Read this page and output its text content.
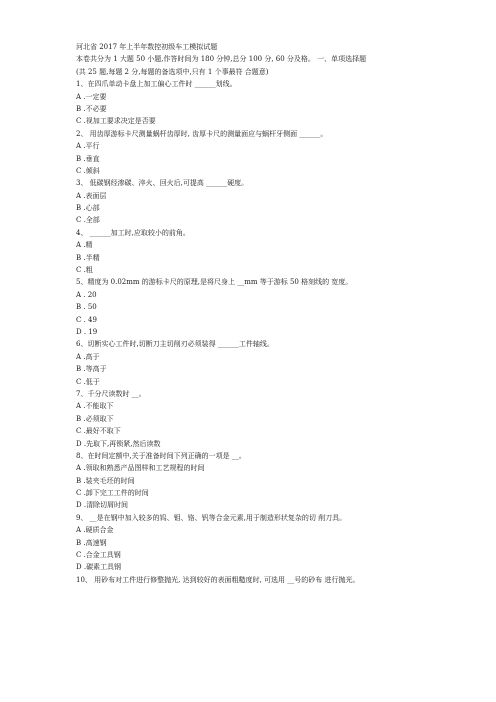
河北省 2017 年上半年数控初级车工模拟试题
本卷共分为 1 大题 50 小题,作答时间为 180 分钟,总分 100 分, 60 分及格。 一、单项选择题
(共 25 题,每题 2 分,每题的备选项中,只有 1 个事最符 合题意)
1、在四爪单动卡盘上加工偏心工件时 ______划线。
A .一定要
B .不必要
C .视加工要求决定是否要
2、 用齿厚游标卡尺测量蜗杆齿厚时, 齿厚卡尺的测量面应与蜗杆牙侧面 ______。
A .平行
B .垂直
C .倾斜
3、 低碳钢经渗碳、淬火、回火后,可提高 ______硬度。
A .表面层
B .心部
C .全部
4、 ______加工时,应取较小的前角。
A .精
B .半精
C .粗
5、精度为 0.02mm 的游标卡尺的原理,是将尺身上 __mm 等于游标 50 格刻线的 宽度。
A . 20
B . 50
C . 49
D . 19
6、切断实心工件时,切断刀主切削刃必须装得 ______工件轴线。
A .高于
B .等高于
C .低于
7、千分尺读数时 __。
A .不能取下
B .必须取下
C .最好不取下
D .先取下,再锁紧,然后读数
8、在时间定额中,关于准备时间下列正确的一项是 __。
A .领取和熟悉产品图样和工艺规程的时间
B .装夹毛坯的时间
C .卸下完工工件的时间
D .清除切屑时间
9、 __是在钢中加入较多的钨、钼、铬、钒等合金元素,用于制造形状复杂的切 削刀具。
A .硬质合金
B .高速钢
C .合金工具钢
D .碳素工具钢
10、 用砂布对工件进行修整抛光, 达到较好的表面粗糙度时, 可选用 __号的砂布 进行抛光。
